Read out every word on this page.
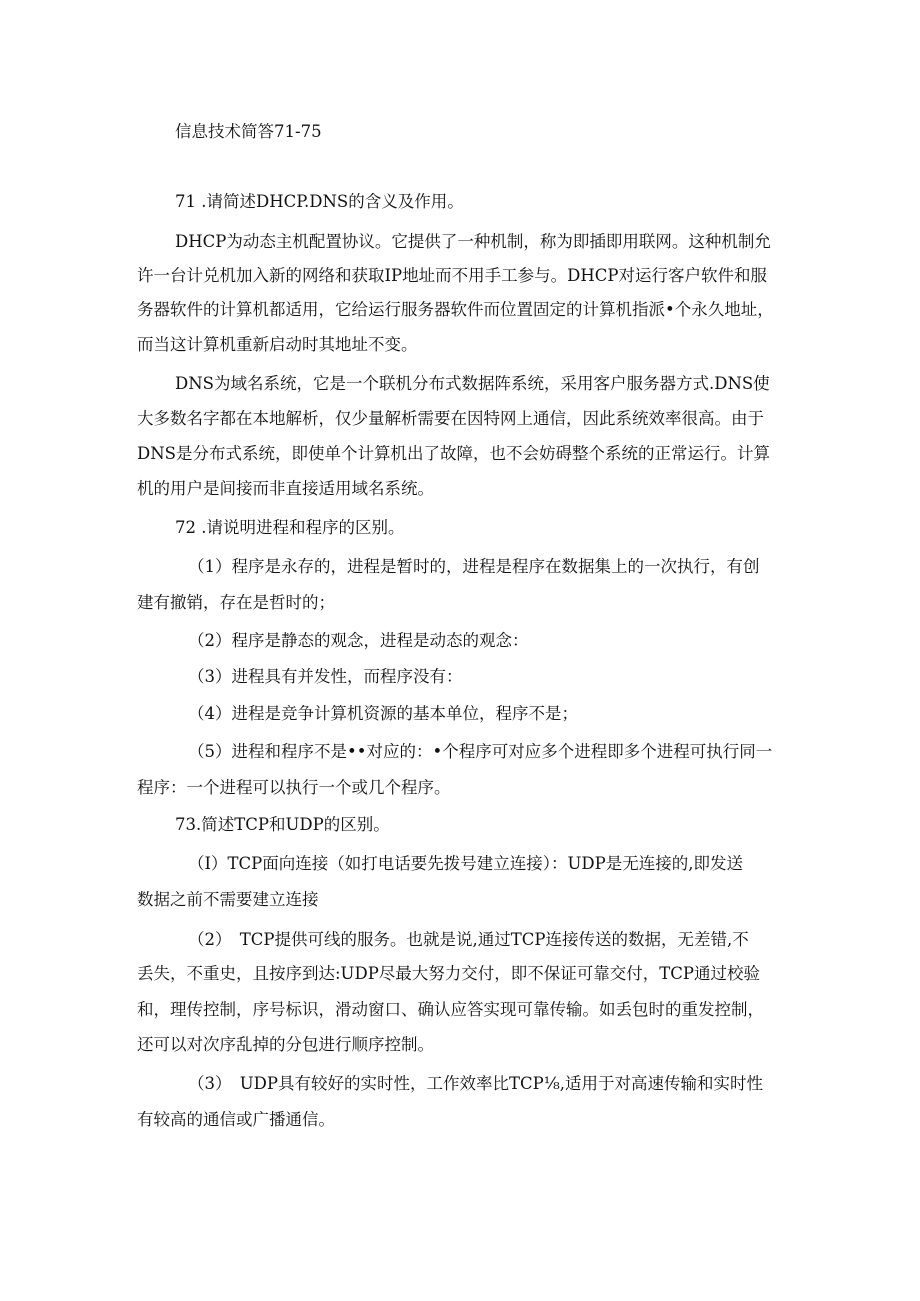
信息技术简答71-75
71 .请简述DHCP.DNS的含义及作用。
DHCP为动态主机配置协议。它提供了一种机制，称为即插即用联网。这种机制允
许一台计兑机加入新的网络和获取IP地址而不用手工参与。DHCP对运行客户软件和服
务器软件的计算机都适用，它给运行服务器软件而位置固定的计算机指派•个永久地址，
而当这计算机重新启动时其地址不变。
DNS为域名系统，它是一个联机分布式数据阵系统，采用客户服务器方式.DNS使
大多数名字都在本地解析，仅少量解析需要在因特网上通信，因此系统效率很高。由于
DNS是分布式系统，即使单个计算机出了故障，也不会妨碍整个系统的正常运行。计算
机的用户是间接而非直接适用域名系统。
72 .请说明进程和程序的区别。
（1）程序是永存的，进程是暂时的，进程是程序在数据集上的一次执行，有创
建有撤销，存在是哲时的；
（2）程序是静态的观念，进程是动态的观念：
（3）进程具有并发性，而程序没有：
（4）进程是竞争计算机资源的基本单位，程序不是；
（5）进程和程序不是••对应的：•个程序可对应多个进程即多个进程可执行同一
程序：一个进程可以执行一个或几个程序。
73.简述TCP和UDP的区别。
（I）TCP面向连接（如打电话要先拨号建立连接）：UDP是无连接的,即发送
数据之前不需要建立连接
（2）　TCP提供可线的服务。也就是说,通过TCP连接传送的数据，无差错,不
丢失，不重史，且按序到达:UDP尽最大努力交付，即不保证可靠交付，TCP通过校验
和，理传控制，序号标识，滑动窗口、确认应答实现可靠传输。如丢包时的重发控制，
还可以对次序乱掉的分包进行顺序控制。
（3）　UDP具有较好的实时性，工作效率比TCP⅛,适用于对高速传输和实时性
有较高的通信或广播通信。
